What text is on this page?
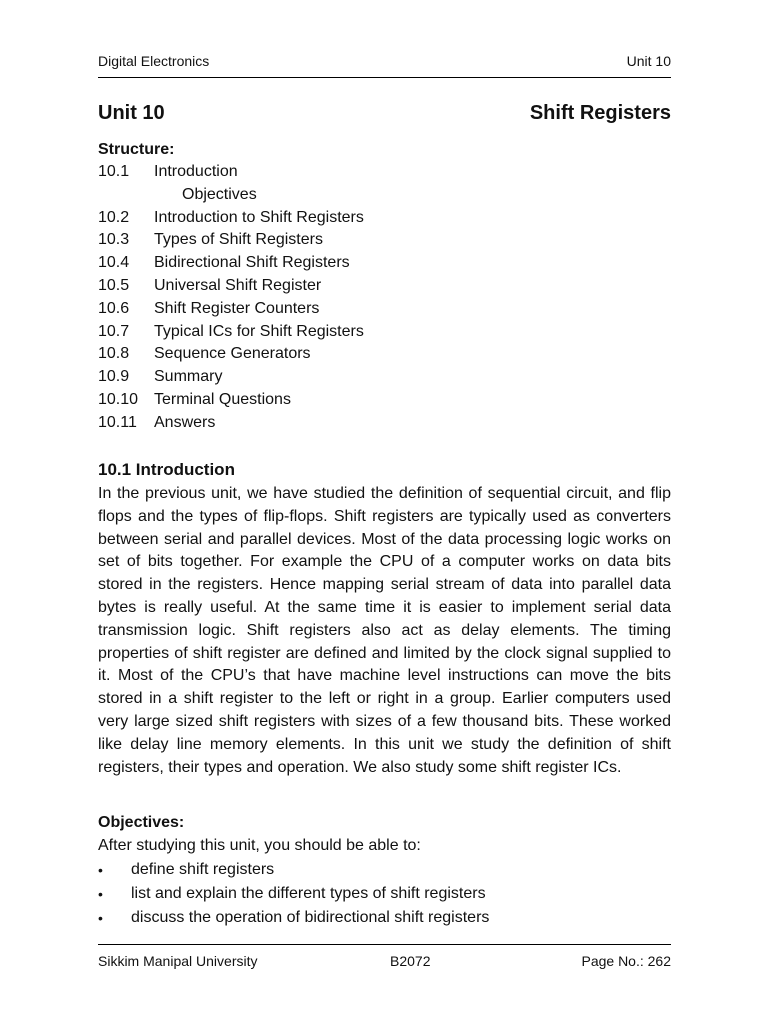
Digital Electronics	Unit 10
Unit 10	Shift Registers
Structure:
10.1	Introduction
Objectives
10.2	Introduction to Shift Registers
10.3	Types of Shift Registers
10.4	Bidirectional Shift Registers
10.5	Universal Shift Register
10.6	Shift Register Counters
10.7	Typical ICs for Shift Registers
10.8	Sequence Generators
10.9	Summary
10.10 Terminal Questions
10.11	Answers
10.1 Introduction

In the previous unit, we have studied the definition of sequential circuit, and flip flops and the types of flip-flops. Shift registers are typically used as converters between serial and parallel devices. Most of the data processing logic works on set of bits together. For example the CPU of a computer works on data bits stored in the registers. Hence mapping serial stream of data into parallel data bytes is really useful. At the same time it is easier to implement serial data transmission logic. Shift registers also act as delay elements. The timing properties of shift register are defined and limited by the clock signal supplied to it. Most of the CPU’s that have machine level instructions can move the bits stored in a shift register to the left or right in a group. Earlier computers used very large sized shift registers with sizes of a few thousand bits. These worked like delay line memory elements. In this unit we study the definition of shift registers, their types and operation. We also study some shift register ICs.

Objectives:
After studying this unit, you should be able to:
•	define shift registers
•	list and explain the different types of shift registers
•	discuss the operation of bidirectional shift registers
Sikkim Manipal University	B2072	Page No.: 262
